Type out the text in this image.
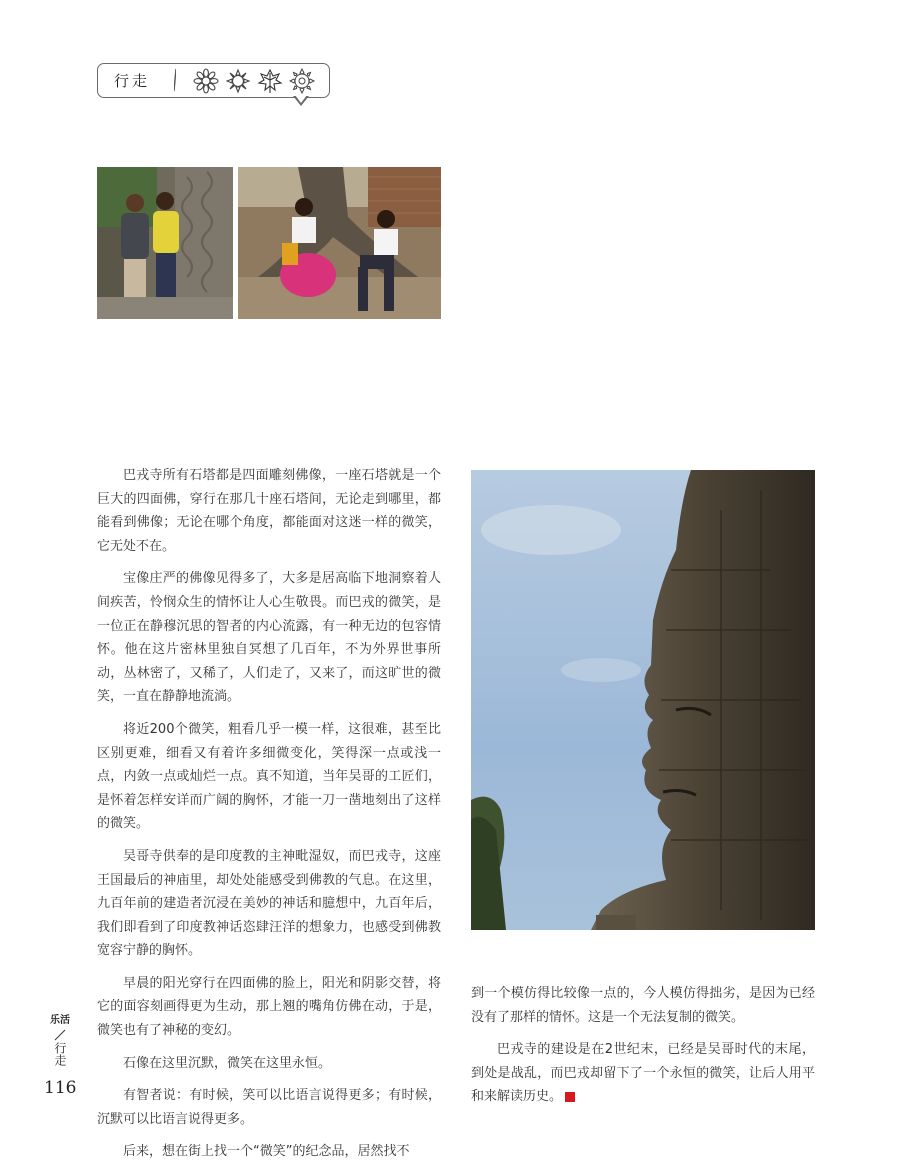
行走

巴戎寺所有石塔都是四面雕刻佛像，一座石塔就是一个巨大的四面佛，穿行在那几十座石塔间，无论走到哪里，都能看到佛像；无论在哪个角度，都能面对这迷一样的微笑，它无处不在。

宝像庄严的佛像见得多了，大多是居高临下地洞察着人间疾苦，怜悯众生的情怀让人心生敬畏。而巴戎的微笑，是一位正在静穆沉思的智者的内心流露，有一种无边的包容情怀。他在这片密林里独自冥想了几百年，不为外界世事所动，丛林密了，又稀了，人们走了，又来了，而这旷世的微笑，一直在静静地流淌。

将近200个微笑，粗看几乎一模一样，这很难，甚至比区别更难，细看又有着许多细微变化，笑得深一点或浅一点，内敛一点或灿烂一点。真不知道，当年吴哥的工匠们，是怀着怎样安详而广阔的胸怀，才能一刀一凿地刻出了这样的微笑。

吴哥寺供奉的是印度教的主神毗湿奴，而巴戎寺，这座王国最后的神庙里，却处处能感受到佛教的气息。在这里，九百年前的建造者沉浸在美妙的神话和臆想中，九百年后，我们即看到了印度教神话恣肆汪洋的想象力，也感受到佛教宽容宁静的胸怀。

早晨的阳光穿行在四面佛的脸上，阳光和阴影交替，将它的面容刻画得更为生动，那上翘的嘴角仿佛在动，于是，微笑也有了神秘的变幻。

石像在这里沉默，微笑在这里永恒。

有智者说：有时候，笑可以比语言说得更多；有时候，沉默可以比语言说得更多。

后来，想在街上找一个“微笑”的纪念品，居然找不

到一个模仿得比较像一点的，今人模仿得拙劣，是因为已经没有了那样的情怀。这是一个无法复制的微笑。

巴戎寺的建设是在2世纪末，已经是吴哥时代的末尾，到处是战乱，而巴戎却留下了一个永恒的微笑，让后人用平和来解读历史。

乐活
行走
116
